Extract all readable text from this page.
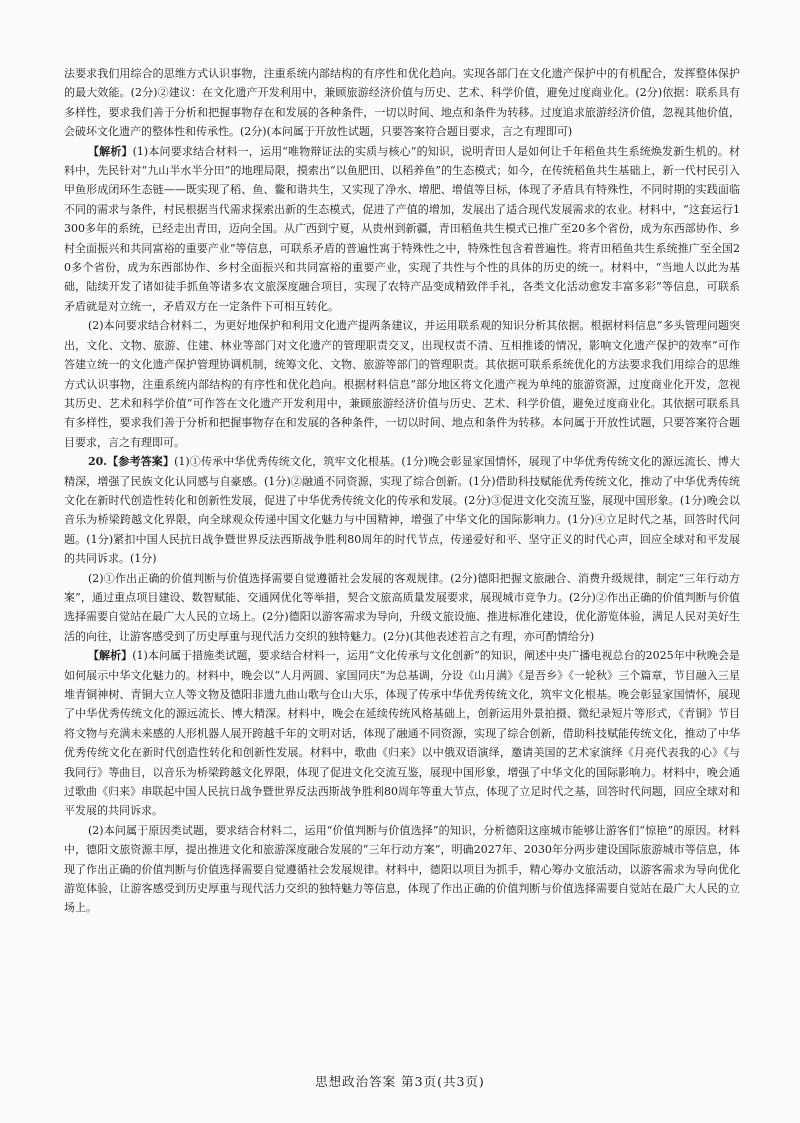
法要求我们用综合的思维方式认识事物，注重系统内部结构的有序性和优化趋向。实现各部门在文化遗产保护中的有机配合，发挥整体保护的最大效能。(2分)②建议：在文化遗产开发利用中，兼顾旅游经济价值与历史、艺术、科学价值，避免过度商业化。(2分)依据：联系具有多样性，要求我们善于分析和把握事物存在和发展的各种条件，一切以时间、地点和条件为转移。过度追求旅游经济价值，忽视其他价值，会破坏文化遗产的整体性和传承性。(2分)(本问属于开放性试题，只要答案符合题目要求，言之有理即可)

【解析】(1)本问要求结合材料一，运用“唯物辩证法的实质与核心”的知识，说明青田人是如何让千年稻鱼共生系统焕发新生机的。材料中，先民针对“九山半水半分田”的地理局限，摸索出“以鱼肥田、以稻养鱼”的生态模式；如今，在传统稻鱼共生基础上，新一代村民引入甲鱼形成闭环生态链——既实现了稻、鱼、鳖和谐共生，又实现了净水、增肥、增值等目标，体现了矛盾具有特殊性，不同时期的实践面临不同的需求与条件，村民根据当代需求探索出新的生态模式，促进了产值的增加，发展出了适合现代发展需求的农业。材料中，“这套运行1300多年的系统，已经走出青田，迈向全国。从广西到宁夏，从贵州到新疆，青田稻鱼共生模式已推广至20多个省份，成为东西部协作、乡村全面振兴和共同富裕的重要产业”等信息，可联系矛盾的普遍性寓于特殊性之中，特殊性包含着普遍性。将青田稻鱼共生系统推广至全国20多个省份，成为东西部协作、乡村全面振兴和共同富裕的重要产业，实现了共性与个性的具体的历史的统一。材料中，“当地人以此为基础，陆续开发了诸如徒手抓鱼等诸多农文旅深度融合项目，实现了农特产品变成精致伴手礼，各类文化活动愈发丰富多彩”等信息，可联系矛盾就是对立统一，矛盾双方在一定条件下可相互转化。

(2)本问要求结合材料二，为更好地保护和利用文化遗产提两条建议，并运用联系观的知识分析其依据。根据材料信息“多头管理问题突出，文化、文物、旅游、住建、林业等部门对文化遗产的管理职责交叉，出现权责不清、互相推诿的情况，影响文化遗产保护的效率”可作答建立统一的文化遗产保护管理协调机制，统筹文化、文物、旅游等部门的管理职责。其依据可联系系统优化的方法要求我们用综合的思维方式认识事物，注重系统内部结构的有序性和优化趋向。根据材料信息“部分地区将文化遗产视为单纯的旅游资源，过度商业化开发，忽视其历史、艺术和科学价值”可作答在文化遗产开发利用中，兼顾旅游经济价值与历史、艺术、科学价值，避免过度商业化。其依据可联系具有多样性，要求我们善于分析和把握事物存在和发展的各种条件，一切以时间、地点和条件为转移。本问属于开放性试题，只要答案符合题目要求，言之有理即可。

20.【参考答案】(1)①传承中华优秀传统文化，筑牢文化根基。(1分)晚会彰显家国情怀，展现了中华优秀传统文化的源远流长、博大精深，增强了民族文化认同感与自豪感。(1分)②融通不同资源，实现了综合创新。(1分)借助科技赋能优秀传统文化，推动了中华优秀传统文化在新时代创造性转化和创新性发展，促进了中华优秀传统文化的传承和发展。(2分)③促进文化交流互鉴，展现中国形象。(1分)晚会以音乐为桥梁跨越文化界限，向全球观众传递中国文化魅力与中国精神，增强了中华文化的国际影响力。(1分)④立足时代之基，回答时代问题。(1分)紧扣中国人民抗日战争暨世界反法西斯战争胜利80周年的时代节点，传递爱好和平、坚守正义的时代心声，回应全球对和平发展的共同诉求。(1分)

(2)①作出正确的价值判断与价值选择需要自觉遵循社会发展的客观规律。(2分)德阳把握文旅融合、消费升级规律，制定“三年行动方案”，通过重点项目建设、数智赋能、交通网优化等举措，契合文旅高质量发展要求，展现城市竞争力。(2分)②作出正确的价值判断与价值选择需要自觉站在最广大人民的立场上。(2分)德阳以游客需求为导向，升级文旅设施、推进标准化建设，优化游览体验，满足人民对美好生活的向往，让游客感受到了历史厚重与现代活力交织的独特魅力。(2分)(其他表述若言之有理，亦可酌情给分)

【解析】(1)本问属于措施类试题，要求结合材料一，运用“文化传承与文化创新”的知识，阐述中央广播电视总台的2025年中秋晚会是如何展示中华文化魅力的。材料中，晚会以“人月两圆、家国同庆”为总基调，分设《山月满》《是吾乡》《一轮秋》三个篇章，节目融入三星堆青铜神树、青铜大立人等文物及德阳非遗九曲山歌与仓山大乐，体现了传承中华优秀传统文化，筑牢文化根基。晚会彰显家国情怀，展现了中华优秀传统文化的源远流长、博大精深。材料中，晚会在延续传统风格基础上，创新运用外景拍摄、微纪录短片等形式，《青铜》节目将文物与充满未来感的人形机器人展开跨越千年的文明对话，体现了融通不同资源，实现了综合创新，借助科技赋能传统文化，推动了中华优秀传统文化在新时代创造性转化和创新性发展。材料中，歌曲《归来》以中俄双语演绎，邀请美国的艺术家演绎《月亮代表我的心》《与我同行》等曲目，以音乐为桥梁跨越文化界限，体现了促进文化交流互鉴，展现中国形象，增强了中华文化的国际影响力。材料中，晚会通过歌曲《归来》串联起中国人民抗日战争暨世界反法西斯战争胜利80周年等重大节点，体现了立足时代之基，回答时代问题，回应全球对和平发展的共同诉求。

(2)本问属于原因类试题，要求结合材料二，运用“价值判断与价值选择”的知识，分析德阳这座城市能够让游客们“惊艳”的原因。材料中，德阳文旅资源丰厚，提出推进文化和旅游深度融合发展的“三年行动方案”，明确2027年、2030年分两步建设国际旅游城市等信息，体现了作出正确的价值判断与价值选择需要自觉遵循社会发展规律。材料中，德阳以项目为抓手，精心筹办文旅活动，以游客需求为导向优化游览体验，让游客感受到历史厚重与现代活力交织的独特魅力等信息，体现了作出正确的价值判断与价值选择需要自觉站在最广大人民的立场上。

思想政治答案 第3页(共3页)
